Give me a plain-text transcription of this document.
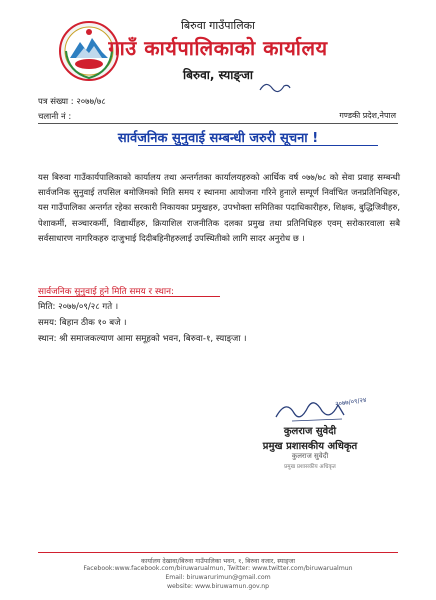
बिरुवा गाउँपालिका
गाउँ कार्यपालिकाको कार्यालय
बिरुवा, स्याङ्जा
पत्र संख्या : २०७७/७८
चलानी नं :	गण्डकी प्रदेश,नेपाल
सार्वजनिक सुनुवाई सम्बन्धी जरुरी सूचना !
यस बिरुवा गाउँकार्यपालिकाको कार्यालय तथा अन्तर्गतका कार्यालयहरुको आर्थिक वर्ष ०७७/७८ को सेवा प्रवाह सम्बन्धी सार्वजनिक सुनुवाई तपसिल बमोजिमको मिति समय र स्थानमा आयोजना गरिने हुनाले सम्पूर्ण निर्वाचित जनप्रतिनिधिहरु, यस गाउँपालिका अन्तर्गत रहेका सरकारी निकायका प्रमुखहरु, उपभोक्ता समितिका पदाधिकारीहरु, शिक्षक, बुद्धिजिवीहरु, पेशाकर्मी, सञ्चारकर्मी, विद्यार्थीहरु, क्रियाशिल राजनीतिक दलका प्रमुख तथा प्रतिनिधिहरु एवम् सरोकारवाला सबै सर्वसाधारण नागरिकहरु दाजुभाई दिदीबहिनीहरुलाई उपस्थितीको लागि सादर अनुरोध छ ।
सार्वजनिक सुनुवाई हुने मिति समय र स्थान:
मिति: २०७७/०९/२८ गते ।
समय: बिहान ठीक १० बजे ।
स्थान: श्री समाजकल्याण आमा समूहको भवन, बिरुवा-१, स्याङ्जा ।
२०७७/०९/२४
कुलराज सुवेदी
प्रमुख प्रशासकीय अधिकृत
कुलराज सुवेदी
प्रमुख प्रशासकीय अधिकृत
कार्यालय देखावा/बिरुवा गाउँपालिका भवन, १, बिरुवा वजार, स्याङ्जा
Facebook:www.facebook.com/biruwarualmun, Twitter: www.twitter.com/biruwarualmun
Email: biruwarurimun@gmail.com
website: www.biruwamun.gov.np
